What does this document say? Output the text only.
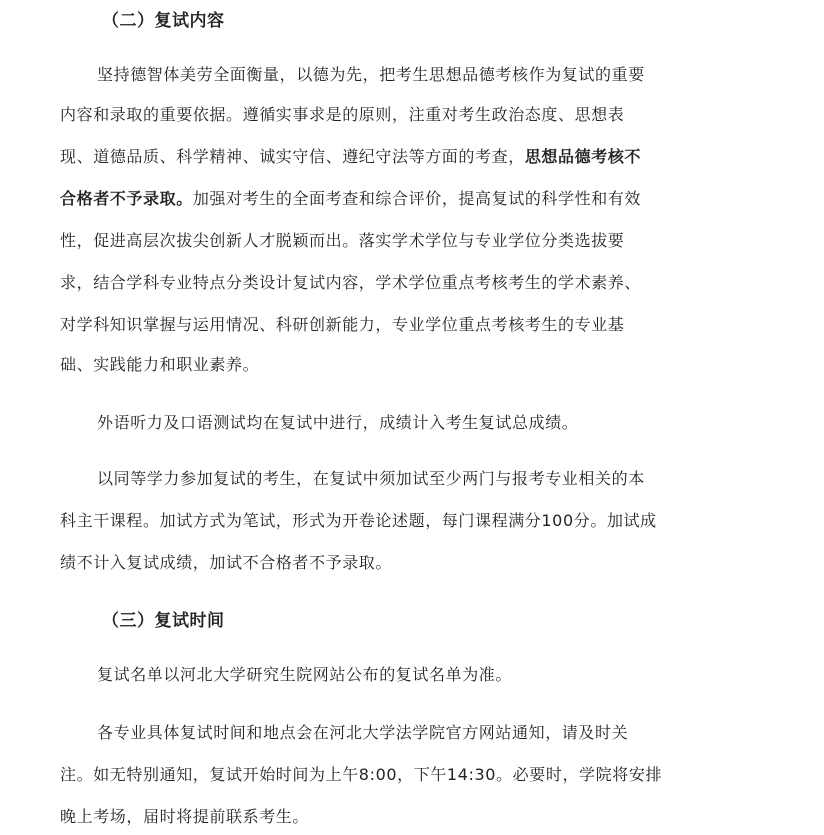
（二）复试内容
坚持德智体美劳全面衡量，以德为先，把考生思想品德考核作为复试的重要
内容和录取的重要依据。遵循实事求是的原则，注重对考生政治态度、思想表
现、道德品质、科学精神、诚实守信、遵纪守法等方面的考查，思想品德考核不
合格者不予录取。加强对考生的全面考查和综合评价，提高复试的科学性和有效
性，促进高层次拔尖创新人才脱颖而出。落实学术学位与专业学位分类选拔要
求，结合学科专业特点分类设计复试内容，学术学位重点考核考生的学术素养、
对学科知识掌握与运用情况、科研创新能力，专业学位重点考核考生的专业基
础、实践能力和职业素养。
外语听力及口语测试均在复试中进行，成绩计入考生复试总成绩。
以同等学力参加复试的考生，在复试中须加试至少两门与报考专业相关的本
科主干课程。加试方式为笔试，形式为开卷论述题，每门课程满分100分。加试成
绩不计入复试成绩，加试不合格者不予录取。
（三）复试时间
复试名单以河北大学研究生院网站公布的复试名单为准。
各专业具体复试时间和地点会在河北大学法学院官方网站通知，请及时关
注。如无特别通知，复试开始时间为上午8:00，下午14:30。必要时，学院将安排
晚上考场，届时将提前联系考生。
